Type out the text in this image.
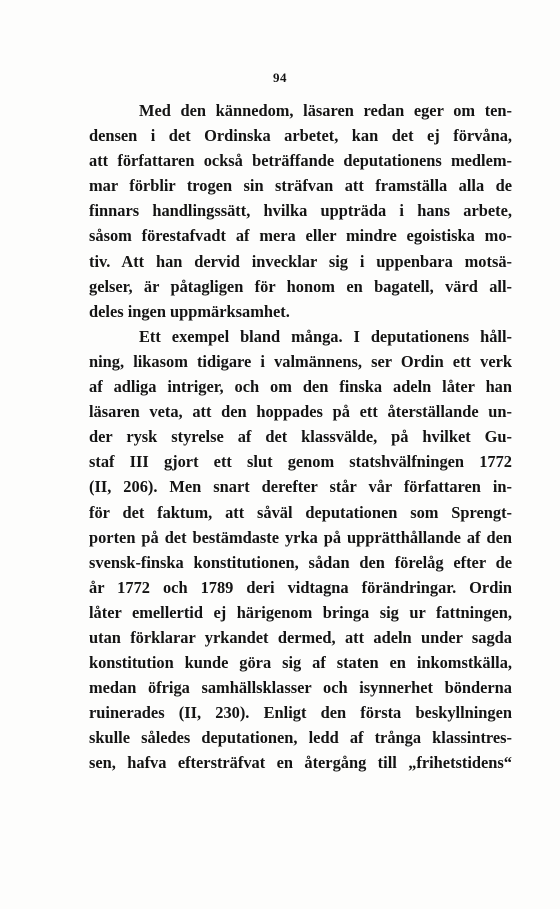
94
Med den kännedom, läsaren redan eger om ten-
densen i det Ordinska arbetet, kan det ej förvåna,
att författaren också beträffande deputationens medlem-
mar förblir trogen sin sträfvan att framställa alla de
finnars handlingssätt, hvilka uppträda i hans arbete,
såsom förestafvadt af mera eller mindre egoistiska mo-
tiv. Att han dervid invecklar sig i uppenbara motsä-
gelser, är påtagligen för honom en bagatell, värd all-
deles ingen uppmärksamhet.
Ett exempel bland många. I deputationens håll-
ning, likasom tidigare i valmännens, ser Ordin ett verk
af adliga intriger, och om den finska adeln låter han
läsaren veta, att den hoppades på ett återställande un-
der rysk styrelse af det klassvälde, på hvilket Gu-
staf III gjort ett slut genom statshvälfningen 1772
(II, 206). Men snart derefter står vår författaren in-
för det faktum, att såväl deputationen som Sprengt-
porten på det bestämdaste yrka på upprätthållande af den
svensk-finska konstitutionen, sådan den förelåg efter de
år 1772 och 1789 deri vidtagna förändringar. Ordin
låter emellertid ej härigenom bringa sig ur fattningen,
utan förklarar yrkandet dermed, att adeln under sagda
konstitution kunde göra sig af staten en inkomstkälla,
medan öfriga samhällsklasser och isynnerhet bönderna
ruinerades (II, 230). Enligt den första beskyllningen
skulle således deputationen, ledd af trånga klassintres-
sen, hafva eftersträfvat en återgång till „frihetstidens“
